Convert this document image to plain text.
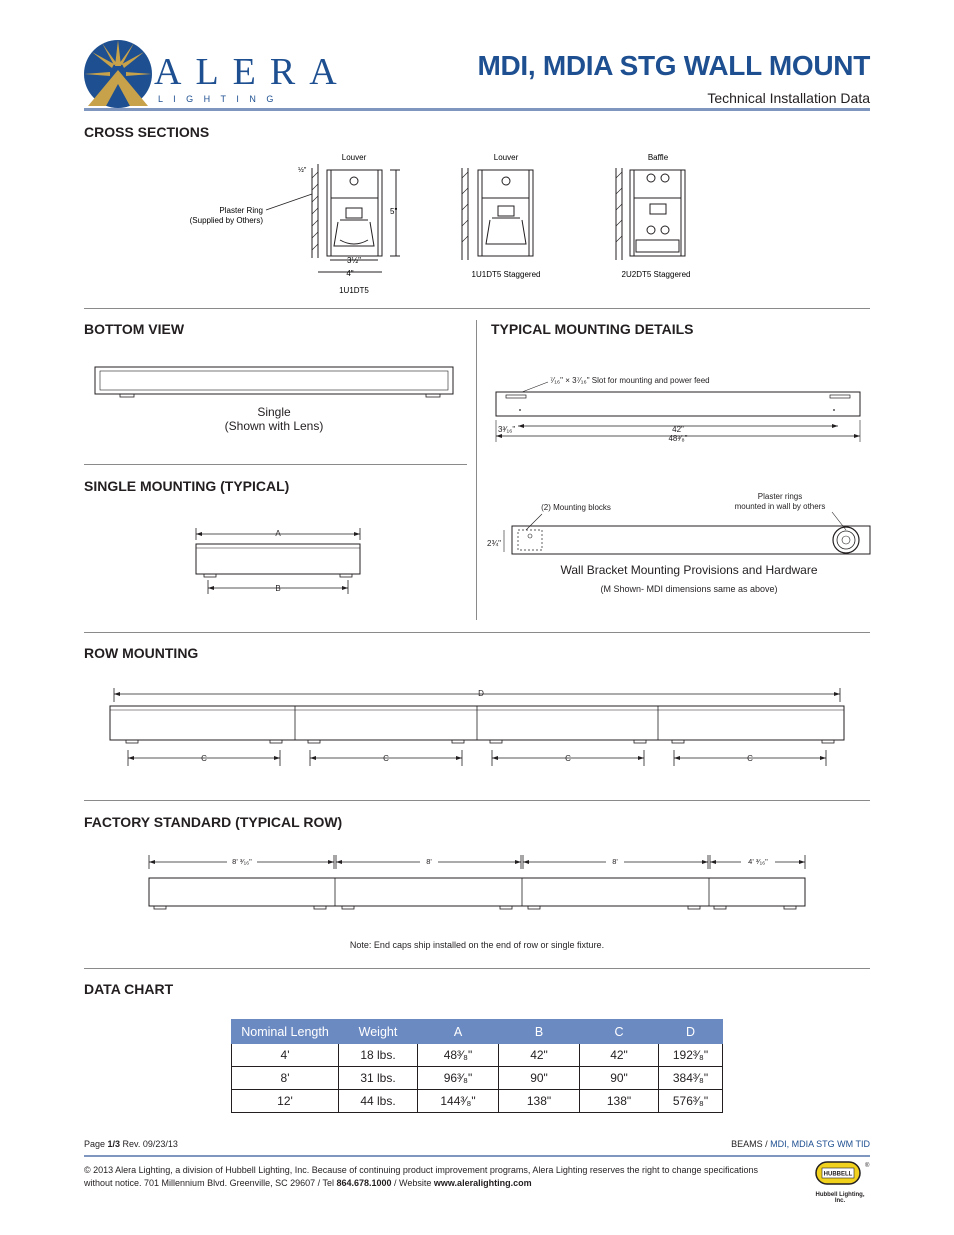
ALERA
L I G H T I N G
MDI, MDIA STG WALL MOUNT
Technical Installation Data
CROSS SECTIONS
Louver
½"
5"
3½"
4"
1U1DT5
Plaster Ring
(Supplied by Others)
Louver
1U1DT5 Staggered
Baffle
2U2DT5 Staggered
BOTTOM VIEW
Single
(Shown with Lens)
SINGLE MOUNTING (TYPICAL)
A
B
TYPICAL MOUNTING DETAILS
⁷⁄₁₆" × 3⁷⁄₁₆" Slot for mounting and power feed
3³⁄₁₆"	42"
48³⁄₈"
(2) Mounting blocks
Plaster rings
mounted in wall by others
2¾"
Wall Bracket Mounting Provisions and Hardware
(M Shown- MDI dimensions same as above)
ROW MOUNTING
D
C	C	C	C
FACTORY STANDARD (TYPICAL ROW)
8' ³⁄₁₆"	8'	8'	4' ³⁄₁₆"
Note: End caps ship installed on the end of row or single fixture.
DATA CHART
Nominal Length	Weight	A	B	C	D
4'	18 lbs.	48³⁄₈"	42"	42"	192³⁄₈"
8'	31 lbs.	96³⁄₈"	90"	90"	384³⁄₈"
12'	44 lbs.	144³⁄₈"	138"	138"	576³⁄₈"
Page 1/3 Rev. 09/23/13	BEAMS / MDI, MDIA STG WM TID
© 2013 Alera Lighting, a division of Hubbell Lighting, Inc. Because of continuing product improvement programs, Alera Lighting reserves the right to change specifications
without notice. 701 Millennium Blvd. Greenville, SC 29607 / Tel 864.678.1000 / Website www.aleralighting.com
HUBBELL
®
Hubbell Lighting, Inc.
